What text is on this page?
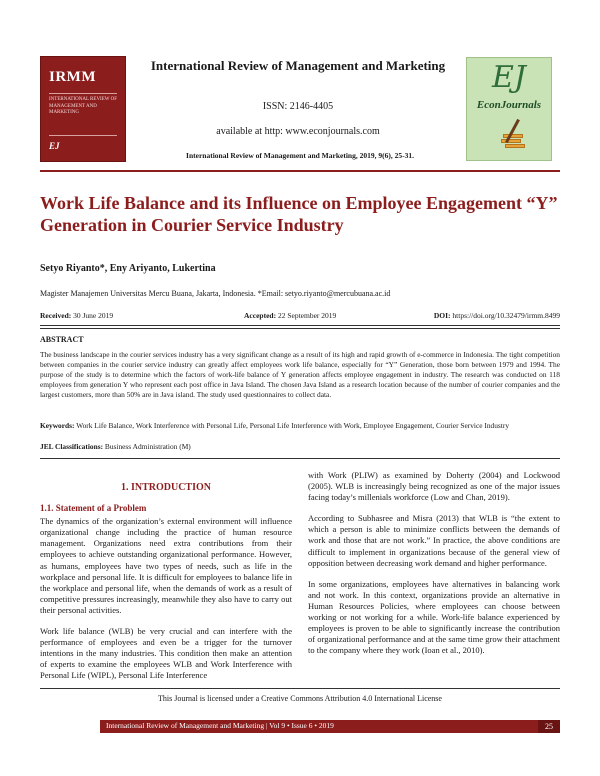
IRMM
INTERNATIONAL REVIEW OF
MANAGEMENT AND MARKETING
EJ
International Review of Management and Marketing
ISSN: 2146-4405
available at http: www.econjournals.com
International Review of Management and Marketing, 2019, 9(6), 25-31.
EJ
EconJournals
Work Life Balance and its Influence on Employee Engagement “Y” Generation in Courier Service Industry
Setyo Riyanto*, Eny Ariyanto, Lukertina
Magister Manajemen Universitas Mercu Buana, Jakarta, Indonesia. *Email: setyo.riyanto@mercubuana.ac.id
Received: 30 June 2019	Accepted: 22 September 2019	DOI: https://doi.org/10.32479/irmm.8499
ABSTRACT
The business landscape in the courier services industry has a very significant change as a result of its high and rapid growth of e-commerce in Indonesia. The tight competition between companies in the courier service industry can greatly affect employees work life balance, especially for “Y” Generation, those born between 1979 and 1994. The purpose of the study is to determine which the factors of work-life balance of Y generation affects employee engagement in industry. The research was conducted on 118 employees from generation Y who represent each post office in Java Island. The chosen Java Island as a research location because of the number of courier companies and the largest customers, more than 50% are in Java island. The study used questionnaires to collect data.
Keywords: Work Life Balance, Work Interference with Personal Life, Personal Life Interference with Work, Employee Engagement, Courier Service Industry
JEL Classifications: Business Administration (M)
1. INTRODUCTION
1.1. Statement of a Problem

The dynamics of the organization’s external environment will influence organizational change including the practice of human resource management. Organizations need extra contributions from their employees to achieve outstanding organizational performance. However, as humans, employees have two types of needs, such as life in the workplace and personal life. It is difficult for employees to balance life in the workplace and personal life, when the demands of work as a result of competitive pressures increasingly, meanwhile they also have to carry out their personal activities.

Work life balance (WLB) be very crucial and can interfere with the performance of employees and even be a trigger for the turnover intentions in the many industries. This condition then make an attention of experts to examine the employees WLB and Work Interference with Personal Life (WIPL), Personal Life Interference

with Work (PLIW) as examined by Doherty (2004) and Lockwood (2005). WLB is increasingly being recognized as one of the major issues facing today’s millenials workforce (Low and Chan, 2019).

According to Subhasree and Misra (2013) that WLB is “the extent to which a person is able to minimize conflicts between the demands of work and those that are not work.” In practice, the above conditions are difficult to implement in organizations because of the general view of opposition between decreasing work demand and higher performance.

In some organizations, employees have alternatives in balancing work and not work. In this context, organizations provide an alternative in Human Resources Policies, where employees can choose between working or not working for a while. Work-life balance experienced by employees is proven to be able to significantly increase the contribution of organizational performance and at the same time grow their attachment to the company where they work (Ioan et al., 2010).

This Journal is licensed under a Creative Commons Attribution 4.0 International License
International Review of Management and Marketing | Vol 9 • Issue 6 • 2019	25
